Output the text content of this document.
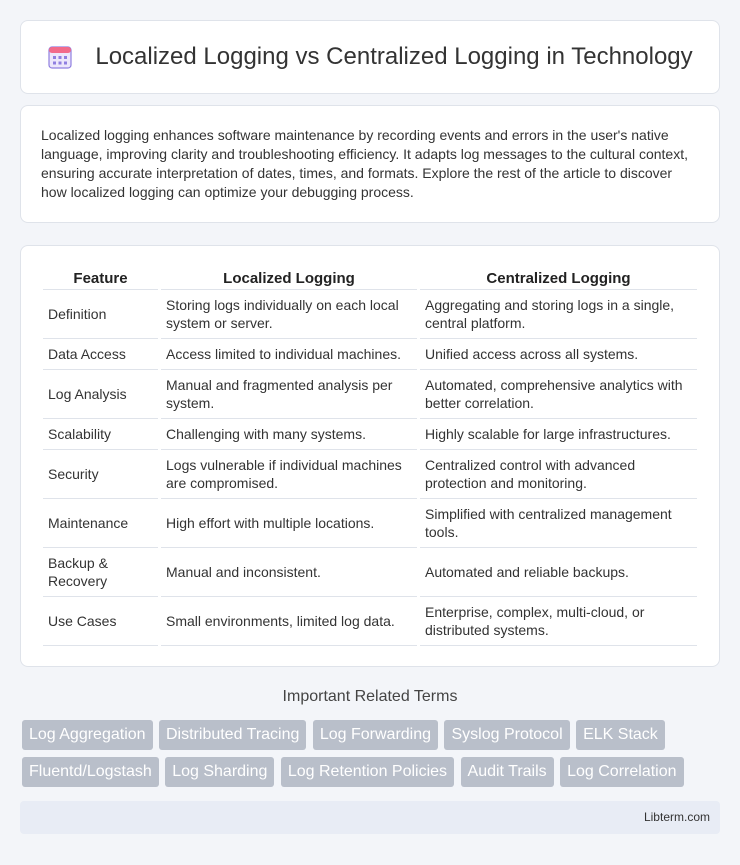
Localized Logging vs Centralized Logging in Technology

Localized logging enhances software maintenance by recording events and errors in the user's native language, improving clarity and troubleshooting efficiency. It adapts log messages to the cultural context, ensuring accurate interpretation of dates, times, and formats. Explore the rest of the article to discover how localized logging can optimize your debugging process.

Feature	Localized Logging	Centralized Logging
Definition	Storing logs individually on each local system or server.	Aggregating and storing logs in a single, central platform.
Data Access	Access limited to individual machines.	Unified access across all systems.
Log Analysis	Manual and fragmented analysis per system.	Automated, comprehensive analytics with better correlation.
Scalability	Challenging with many systems.	Highly scalable for large infrastructures.
Security	Logs vulnerable if individual machines are compromised.	Centralized control with advanced protection and monitoring.
Maintenance	High effort with multiple locations.	Simplified with centralized management tools.
Backup & Recovery	Manual and inconsistent.	Automated and reliable backups.
Use Cases	Small environments, limited log data.	Enterprise, complex, multi-cloud, or distributed systems.
Important Related Terms
Log Aggregation Distributed Tracing Log Forwarding Syslog Protocol ELK Stack
Fluentd/Logstash Log Sharding Log Retention Policies Audit Trails Log Correlation
Libterm.com
